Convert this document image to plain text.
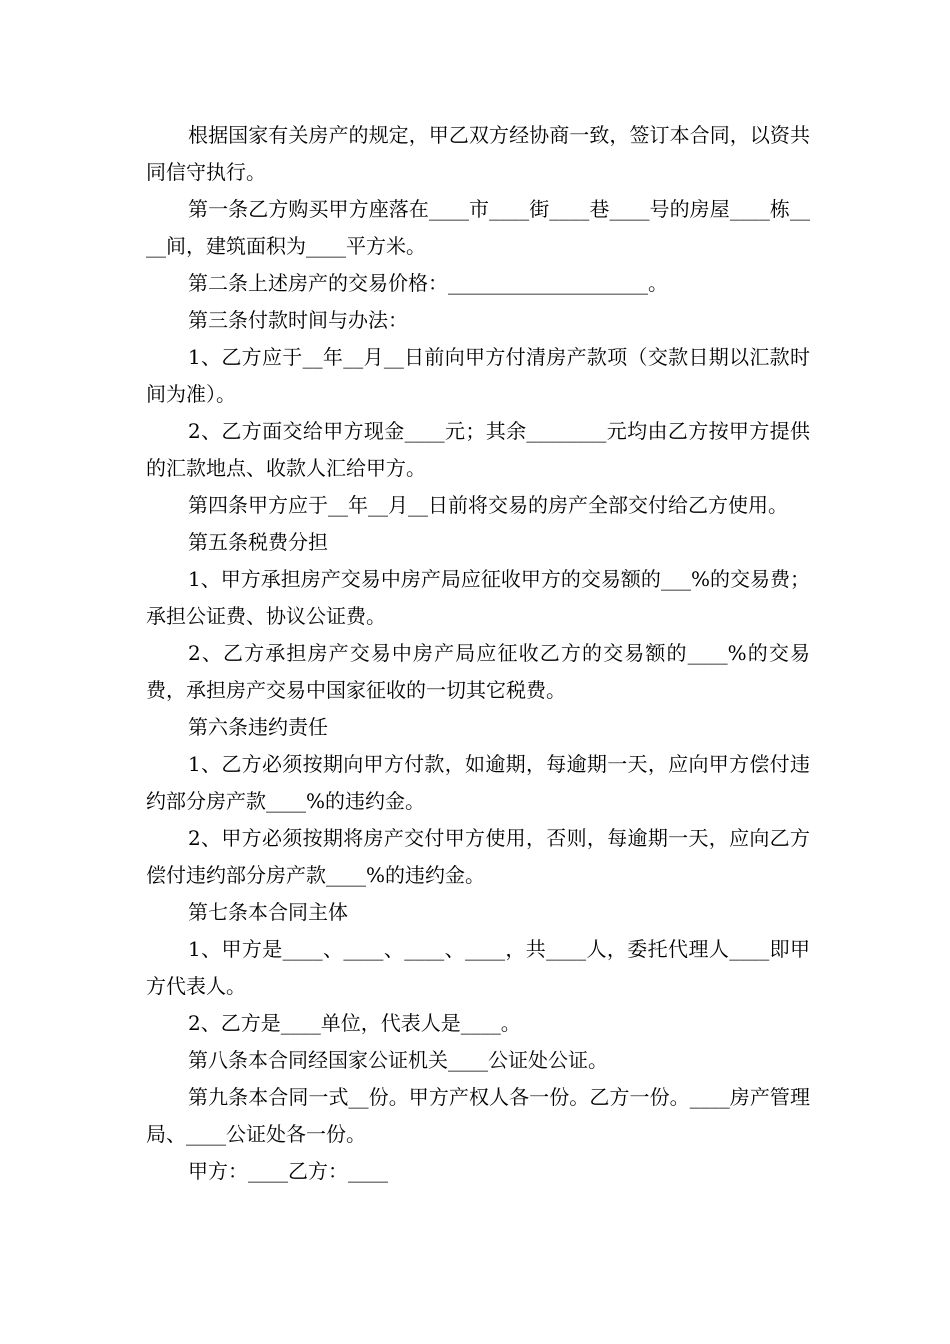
根据国家有关房产的规定，甲乙双方经协商一致，签订本合同，以资共同信守执行。

第一条乙方购买甲方座落在____市____街____巷____号的房屋____栋____间，建筑面积为____平方米。

第二条上述房产的交易价格：____________________。

第三条付款时间与办法：

1、乙方应于__年__月__日前向甲方付清房产款项（交款日期以汇款时间为准）。

2、乙方面交给甲方现金____元；其余________元均由乙方按甲方提供的汇款地点、收款人汇给甲方。

第四条甲方应于__年__月__日前将交易的房产全部交付给乙方使用。

第五条税费分担

1、甲方承担房产交易中房产局应征收甲方的交易额的___%的交易费；承担公证费、协议公证费。

2、乙方承担房产交易中房产局应征收乙方的交易额的____%的交易费，承担房产交易中国家征收的一切其它税费。

第六条违约责任

1、乙方必须按期向甲方付款，如逾期，每逾期一天，应向甲方偿付违约部分房产款____%的违约金。

2、甲方必须按期将房产交付甲方使用，否则，每逾期一天，应向乙方偿付违约部分房产款____%的违约金。

第七条本合同主体

1、甲方是____、____、____、____，共____人，委托代理人____即甲方代表人。

2、乙方是____单位，代表人是____。

第八条本合同经国家公证机关____公证处公证。

第九条本合同一式__份。甲方产权人各一份。乙方一份。____房产管理局、____公证处各一份。

甲方：____乙方：____
